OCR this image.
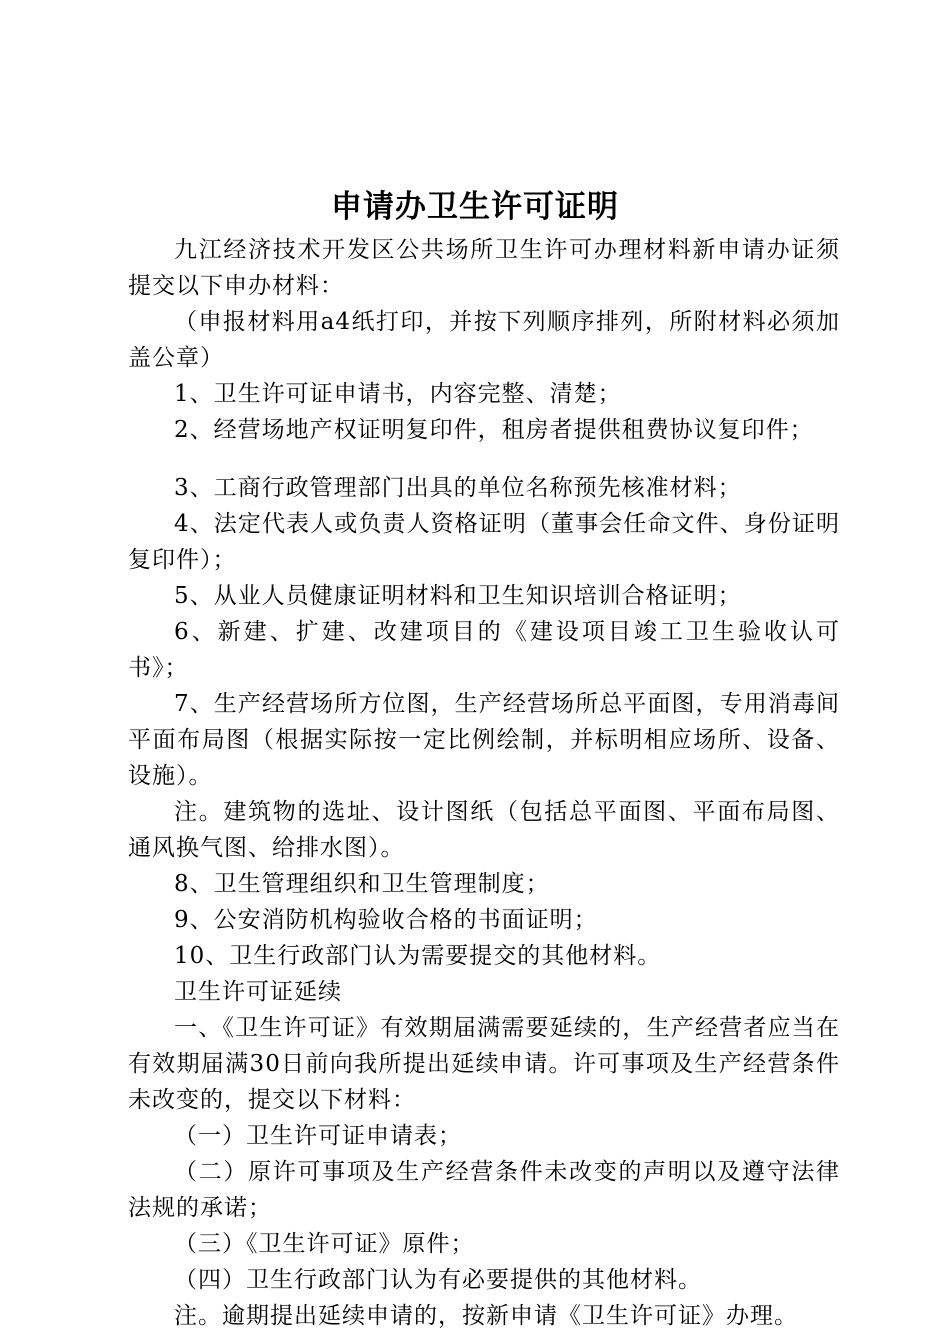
申请办卫生许可证明

九江经济技术开发区公共场所卫生许可办理材料新申请办证须提交以下申办材料：

（申报材料用a4纸打印，并按下列顺序排列，所附材料必须加盖公章）

1、卫生许可证申请书，内容完整、清楚；

2、经营场地产权证明复印件，租房者提供租费协议复印件；

3、工商行政管理部门出具的单位名称预先核准材料；

4、法定代表人或负责人资格证明（董事会任命文件、身份证明复印件）；

5、从业人员健康证明材料和卫生知识培训合格证明；

6、新建、扩建、改建项目的《建设项目竣工卫生验收认可书》；

7、生产经营场所方位图，生产经营场所总平面图，专用消毒间平面布局图（根据实际按一定比例绘制，并标明相应场所、设备、设施）。

注。建筑物的选址、设计图纸（包括总平面图、平面布局图、通风换气图、给排水图）。

8、卫生管理组织和卫生管理制度；

9、公安消防机构验收合格的书面证明；

10、卫生行政部门认为需要提交的其他材料。

卫生许可证延续

一、《卫生许可证》有效期届满需要延续的，生产经营者应当在有效期届满30日前向我所提出延续申请。许可事项及生产经营条件未改变的，提交以下材料：

（一）卫生许可证申请表；

（二）原许可事项及生产经营条件未改变的声明以及遵守法律法规的承诺；

（三）《卫生许可证》原件；

（四）卫生行政部门认为有必要提供的其他材料。

注。逾期提出延续申请的，按新申请《卫生许可证》办理。
